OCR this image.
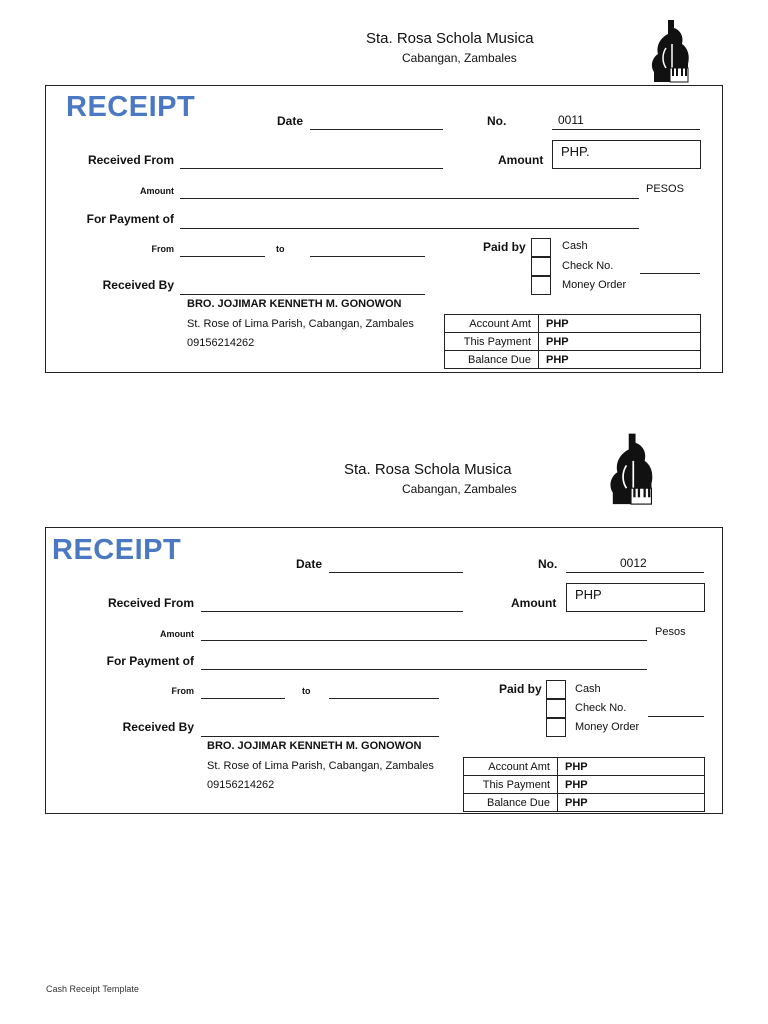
Sta. Rosa Schola Musica
Cabangan, Zambales
RECEIPT	Date	No.	0011
Received From	Amount
PHP.
Amount	PESOS
For Payment of
From	to	Paid by	Cash
Check No.
Money Order
Received By
BRO. JOJIMAR KENNETH M. GONOWON
St. Rose of Lima Parish, Cabangan, Zambales
09156214262
Account Amt	PHP
This Payment	PHP
Balance Due	PHP
Sta. Rosa Schola Musica
Cabangan, Zambales
RECEIPT	Date	No.	0012
Received From	Amount
PHP
Amount	Pesos
For Payment of
From	to	Paid by	Cash
Check No.
Money Order
Received By
BRO. JOJIMAR KENNETH M. GONOWON
St. Rose of Lima Parish, Cabangan, Zambales
09156214262
Account Amt	PHP
This Payment	PHP
Balance Due	PHP
Cash Receipt Template
